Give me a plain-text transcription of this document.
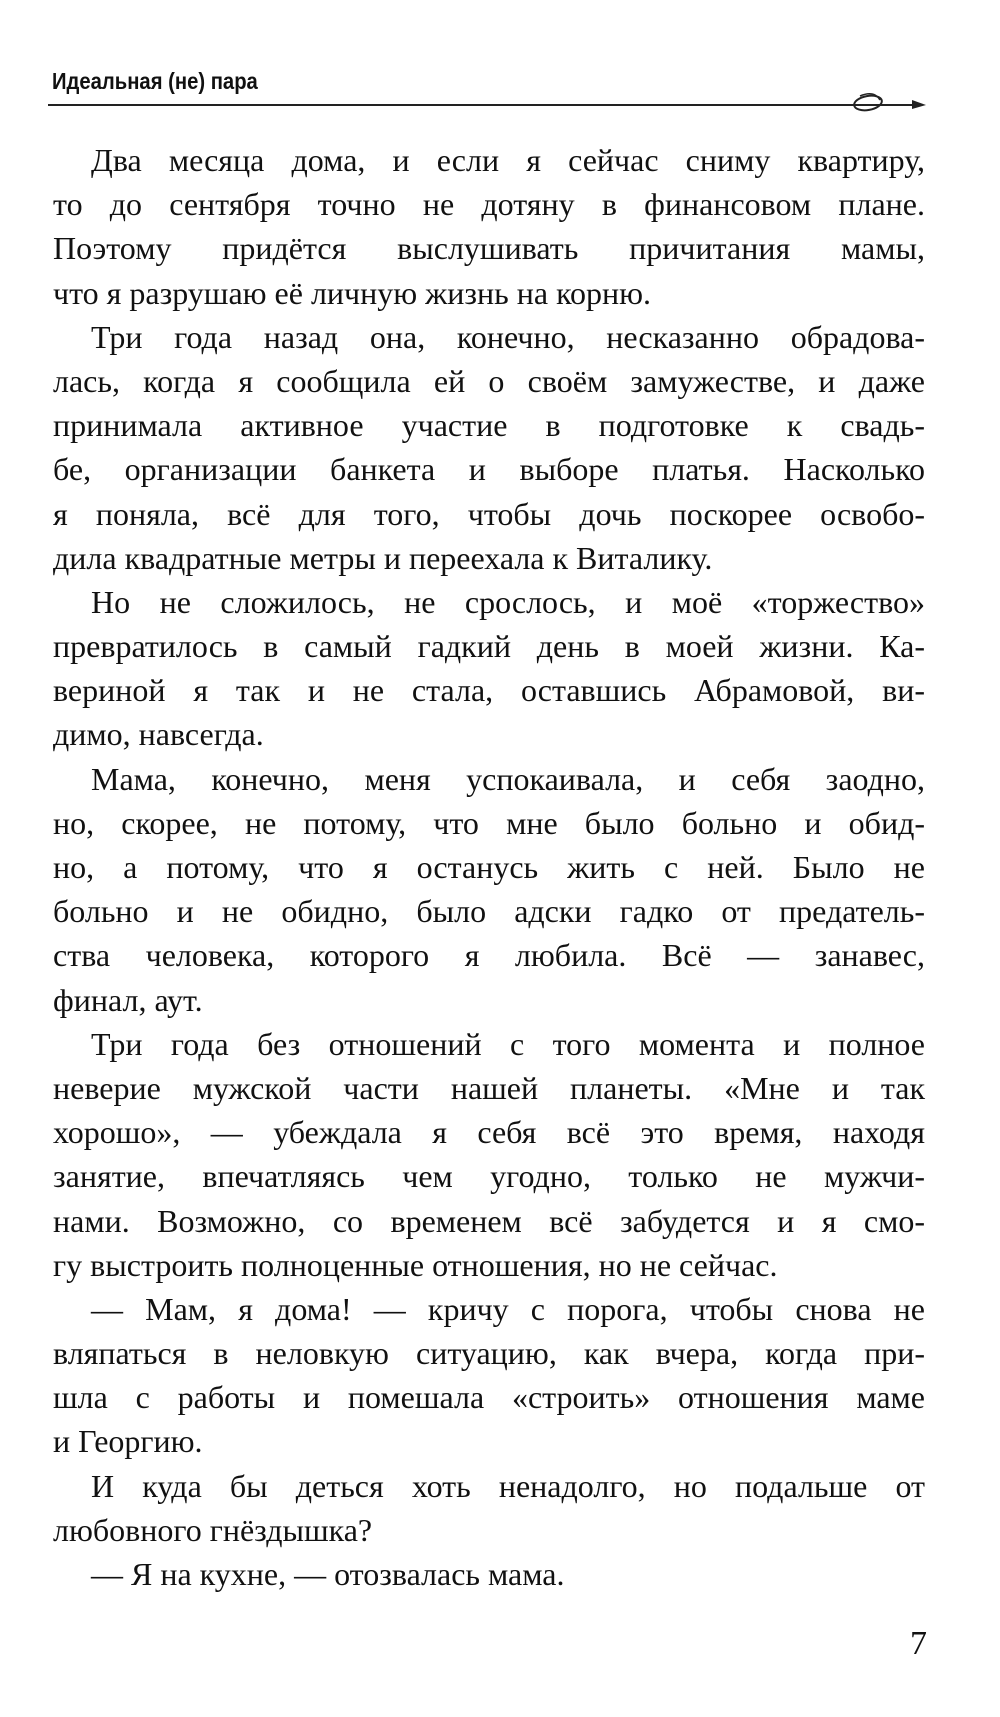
Идеальная (не) пара
Два месяца дома, и если я сейчас сниму квартиру,
то до сентября точно не дотяну в финансовом плане.
Поэтому придётся выслушивать причитания мамы,
что я разрушаю её личную жизнь на корню.
Три года назад она, конечно, несказанно обрадова-
лась, когда я сообщила ей о своём замужестве, и даже
принимала активное участие в подготовке к свадь-
бе, организации банкета и выборе платья. Насколько
я поняла, всё для того, чтобы дочь поскорее освобо-
дила квадратные метры и переехала к Виталику.
Но не сложилось, не срослось, и моё «торжество»
превратилось в самый гадкий день в моей жизни. Ка-
вериной я так и не стала, оставшись Абрамовой, ви-
димо, навсегда.
Мама, конечно, меня успокаивала, и себя заодно,
но, скорее, не потому, что мне было больно и обид-
но, а потому, что я останусь жить с ней. Было не
больно и не обидно, было адски гадко от предатель-
ства человека, которого я любила. Всё — занавес,
финал, аут.
Три года без отношений с того момента и полное
неверие мужской части нашей планеты. «Мне и так
хорошо», — убеждала я себя всё это время, находя
занятие, впечатляясь чем угодно, только не мужчи-
нами. Возможно, со временем всё забудется и я смо-
гу выстроить полноценные отношения, но не сейчас.
— Мам, я дома! — кричу с порога, чтобы снова не
вляпаться в неловкую ситуацию, как вчера, когда при-
шла с работы и помешала «строить» отношения маме
и Георгию.
И куда бы деться хоть ненадолго, но подальше от
любовного гнёздышка?
— Я на кухне, — отозвалась мама.
7
